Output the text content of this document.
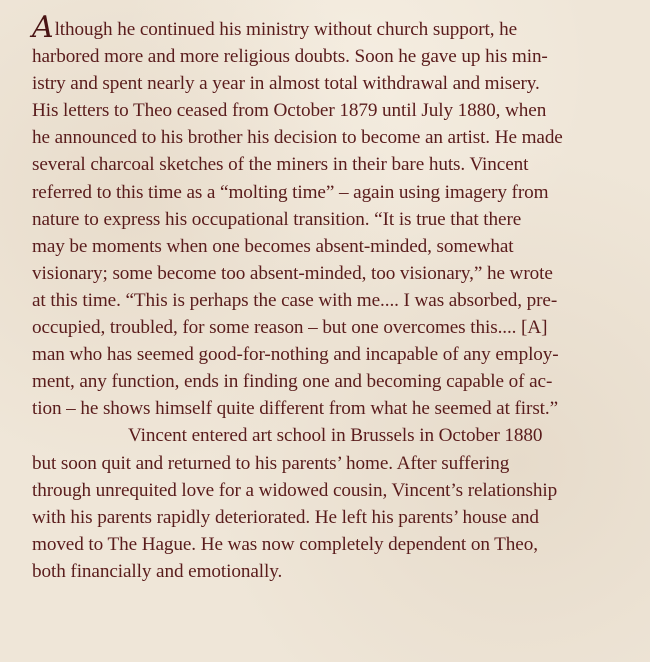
Although he continued his ministry without church support, he
harbored more and more religious doubts. Soon he gave up his min-
istry and spent nearly a year in almost total withdrawal and misery.
His letters to Theo ceased from October 1879 until July 1880, when
he announced to his brother his decision to become an artist. He made
several charcoal sketches of the miners in their bare huts. Vincent
referred to this time as a “molting time” – again using imagery from
nature to express his occupational transition. “It is true that there
may be moments when one becomes absent-minded, somewhat
visionary; some become too absent-minded, too visionary,” he wrote
at this time. “This is perhaps the case with me.... I was absorbed, pre-
occupied, troubled, for some reason – but one overcomes this.... [A]
man who has seemed good-for-nothing and incapable of any employ-
ment, any function, ends in finding one and becoming capable of ac-
tion – he shows himself quite different from what he seemed at first.”
Vincent entered art school in Brussels in October 1880
but soon quit and returned to his parents’ home. After suffering
through unrequited love for a widowed cousin, Vincent’s relationship
with his parents rapidly deteriorated. He left his parents’ house and
moved to The Hague. He was now completely dependent on Theo,
both financially and emotionally.
